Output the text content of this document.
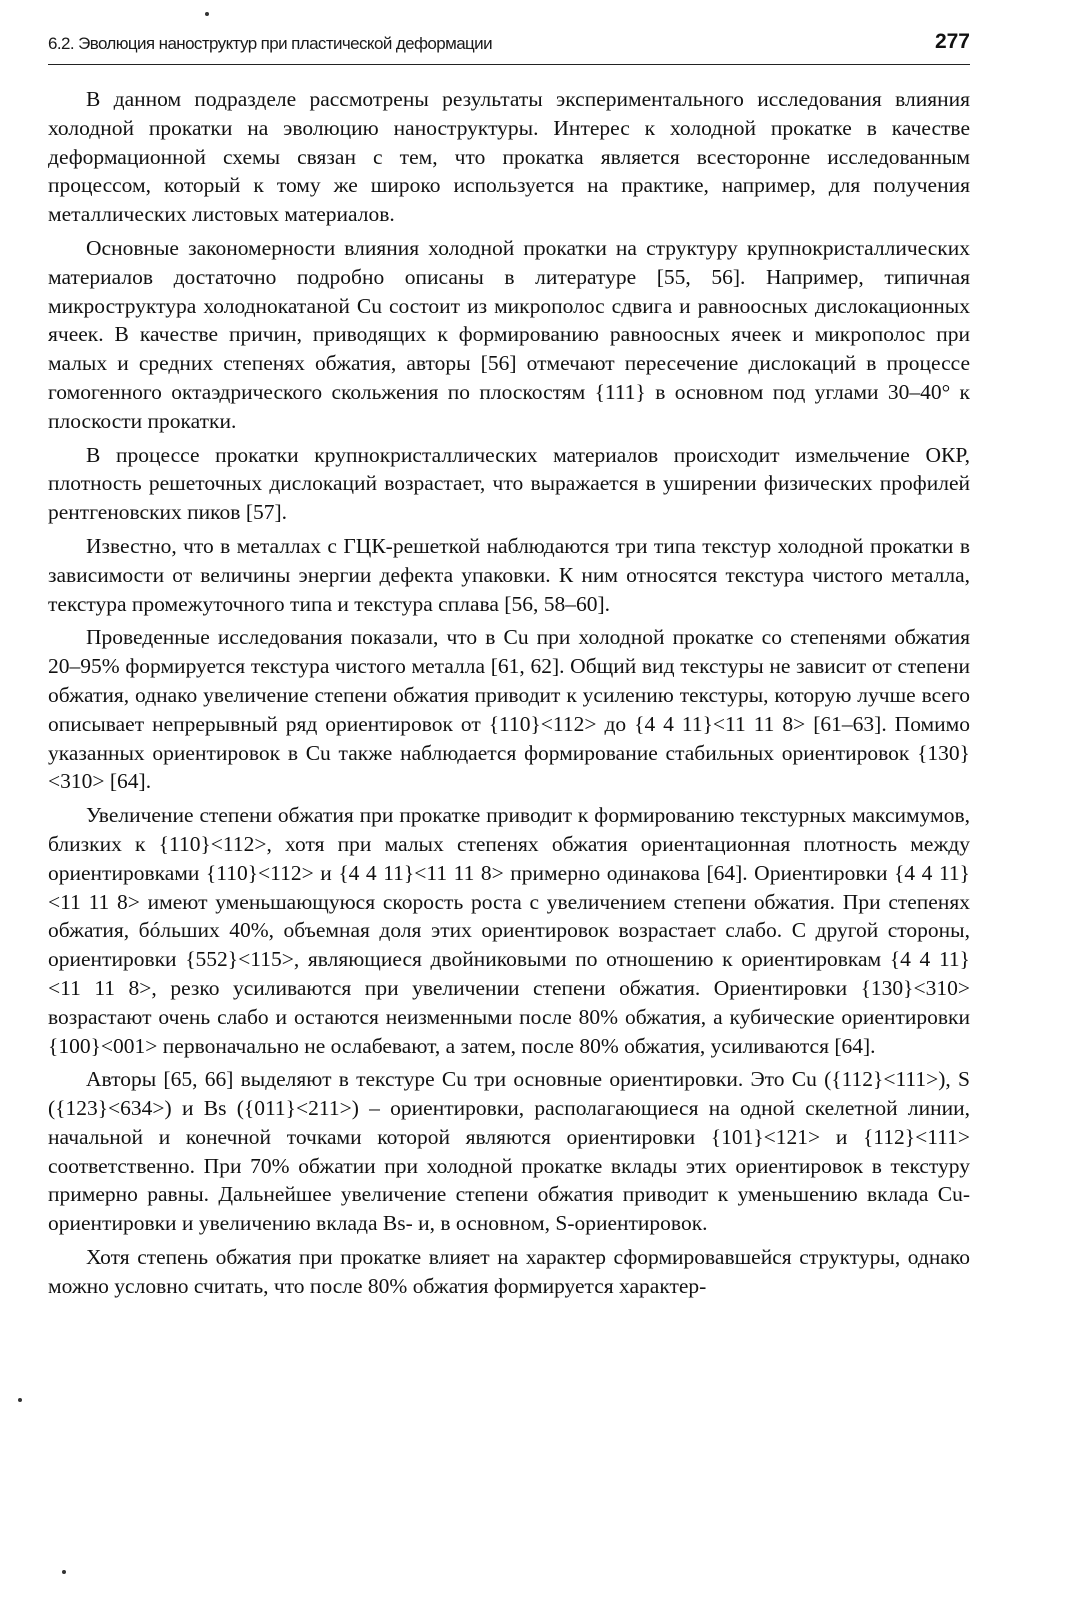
6.2. Эволюция наноструктур при пластической деформации	277

В данном подразделе рассмотрены результаты экспериментального исследования влияния холодной прокатки на эволюцию наноструктуры. Интерес к холодной прокатке в качестве деформационной схемы связан с тем, что прокатка является всесторонне исследованным процессом, который к тому же широко используется на практике, например, для получения металлических листовых материалов.

Основные закономерности влияния холодной прокатки на структуру крупнокристаллических материалов достаточно подробно описаны в литературе [55, 56]. Например, типичная микроструктура холоднокатаной Cu состоит из микрополос сдвига и равноосных дислокационных ячеек. В качестве причин, приводящих к формированию равноосных ячеек и микрополос при малых и средних степенях обжатия, авторы [56] отмечают пересечение дислокаций в процессе гомогенного октаэдрического скольжения по плоскостям {111} в основном под углами 30–40° к плоскости прокатки.

В процессе прокатки крупнокристаллических материалов происходит измельчение ОКР, плотность решеточных дислокаций возрастает, что выражается в уширении физических профилей рентгеновских пиков [57].

Известно, что в металлах с ГЦК-решеткой наблюдаются три типа текстур холодной прокатки в зависимости от величины энергии дефекта упаковки. К ним относятся текстура чистого металла, текстура промежуточного типа и текстура сплава [56, 58–60].

Проведенные исследования показали, что в Cu при холодной прокатке со степенями обжатия 20–95% формируется текстура чистого металла [61, 62]. Общий вид текстуры не зависит от степени обжатия, однако увеличение степени обжатия приводит к усилению текстуры, которую лучше всего описывает непрерывный ряд ориентировок от {110}<112> до {4 4 11}<11 11 8> [61–63]. Помимо указанных ориентировок в Cu также наблюдается формирование стабильных ориентировок {130}<310> [64].

Увеличение степени обжатия при прокатке приводит к формированию текстурных максимумов, близких к {110}<112>, хотя при малых степенях обжатия ориентационная плотность между ориентировками {110}<112> и {4 4 11}<11 11 8> примерно одинакова [64]. Ориентировки {4 4 11}<11 11 8> имеют уменьшающуюся скорость роста с увеличением степени обжатия. При степенях обжатия, бóльших 40%, объемная доля этих ориентировок возрастает слабо. С другой стороны, ориентировки {552}<115>, являющиеся двойниковыми по отношению к ориентировкам {4 4 11} <11 11 8>, резко усиливаются при увеличении степени обжатия. Ориентировки {130}<310> возрастают очень слабо и остаются неизменными после 80% обжатия, а кубические ориентировки {100}<001> первоначально не ослабевают, а затем, после 80% обжатия, усиливаются [64].

Авторы [65, 66] выделяют в текстуре Cu три основные ориентировки. Это Cu ({112}<111>), S ({123}<634>) и Bs ({011}<211>) – ориентировки, располагающиеся на одной скелетной линии, начальной и конечной точками которой являются ориентировки {101}<121> и {112}<111> соответственно. При 70% обжатии при холодной прокатке вклады этих ориентировок в текстуру примерно равны. Дальнейшее увеличение степени обжатия приводит к уменьшению вклада Cu-ориентировки и увеличению вклада Bs- и, в основном, S-ориентировок.

Хотя степень обжатия при прокатке влияет на характер сформировавшейся структуры, однако можно условно считать, что после 80% обжатия формируется характер-
